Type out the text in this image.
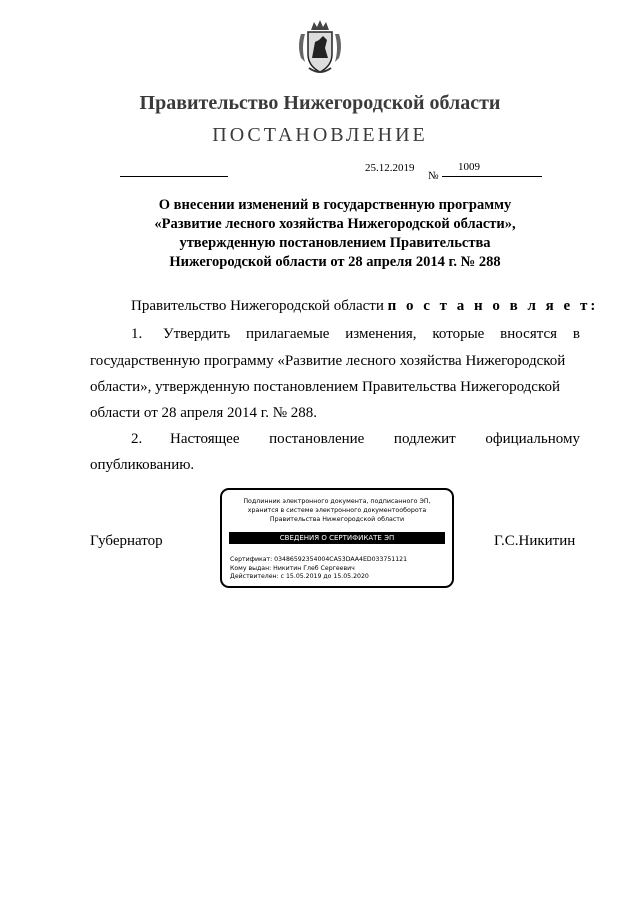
Правительство Нижегородской области
ПОСТАНОВЛЕНИЕ
25.12.2019
№
1009
О внесении изменений в государственную программу
«Развитие лесного хозяйства Нижегородской области»,
утвержденную постановлением Правительства
Нижегородской области от 28 апреля 2014 г. № 288
Правительство Нижегородской области п о с т а н о в л я е т:
1. Утвердить прилагаемые изменения, которые вносятся в
государственную программу «Развитие лесного хозяйства Нижегородской
области», утвержденную постановлением Правительства Нижегородской
области от 28 апреля 2014 г. № 288.
2. Настоящее постановление подлежит официальному
опубликованию.
Губернатор	Г.С.Никитин
Подлинник электронного документа, подписанного ЭП,
хранится в системе электронного документооборота
Правительства Нижегородской области
СВЕДЕНИЯ О СЕРТИФИКАТЕ ЭП
Сертификат: 03486592354004CA53DAA4ED033751121
Кому выдан: Никитин Глеб Сергеевич
Действителен: с 15.05.2019 до 15.05.2020
